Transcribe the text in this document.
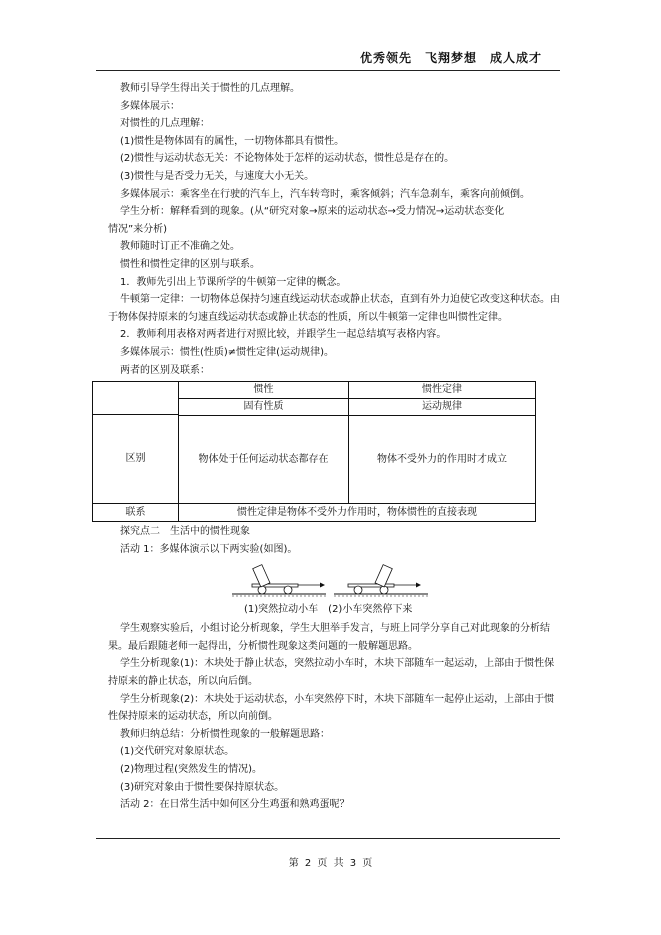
优秀领先　飞翔梦想　成人成才

教师引导学生得出关于惯性的几点理解。

多媒体展示：

对惯性的几点理解：

(1)惯性是物体固有的属性，一切物体都具有惯性。

(2)惯性与运动状态无关：不论物体处于怎样的运动状态，惯性总是存在的。

(3)惯性与是否受力无关，与速度大小无关。

多媒体展示：乘客坐在行驶的汽车上，汽车转弯时，乘客倾斜；汽车急刹车，乘客向前倾倒。

学生分析：解释看到的现象。(从“研究对象→原来的运动状态→受力情况→运动状态变化

情况”来分析)

教师随时订正不准确之处。

惯性和惯性定律的区别与联系。

1．教师先引出上节课所学的牛顿第一定律的概念。

牛顿第一定律：一切物体总保持匀速直线运动状态或静止状态，直到有外力迫使它改变这种状态。由于物体保持原来的匀速直线运动状态或静止状态的性质，所以牛顿第一定律也叫惯性定律。

2．教师利用表格对两者进行对照比较，并跟学生一起总结填写表格内容。

多媒体展示：惯性(性质)≠惯性定律(运动规律)。

两者的区别及联系：

惯性	惯性定律
固有性质	运动规律
区别	物体处于任何运动状态都存在	物体不受外力的作用时才成立
联系	惯性定律是物体不受外力作用时，物体惯性的直接表现

探究点二　生活中的惯性现象

活动 1：多媒体演示以下两实验(如图)。

(1)突然拉动小车　(2)小车突然停下来

学生观察实验后，小组讨论分析现象，学生大胆举手发言，与班上同学分享自己对此现象的分析结果。最后跟随老师一起得出，分析惯性现象这类问题的一般解题思路。

学生分析现象(1)：木块处于静止状态，突然拉动小车时，木块下部随车一起运动，上部由于惯性保持原来的静止状态，所以向后倒。

学生分析现象(2)：木块处于运动状态，小车突然停下时，木块下部随车一起停止运动，上部由于惯性保持原来的运动状态，所以向前倒。

教师归纳总结：分析惯性现象的一般解题思路：

(1)交代研究对象原状态。

(2)物理过程(突然发生的情况)。

(3)研究对象由于惯性要保持原状态。

活动 2：在日常生活中如何区分生鸡蛋和熟鸡蛋呢？

第 2 页 共 3 页
